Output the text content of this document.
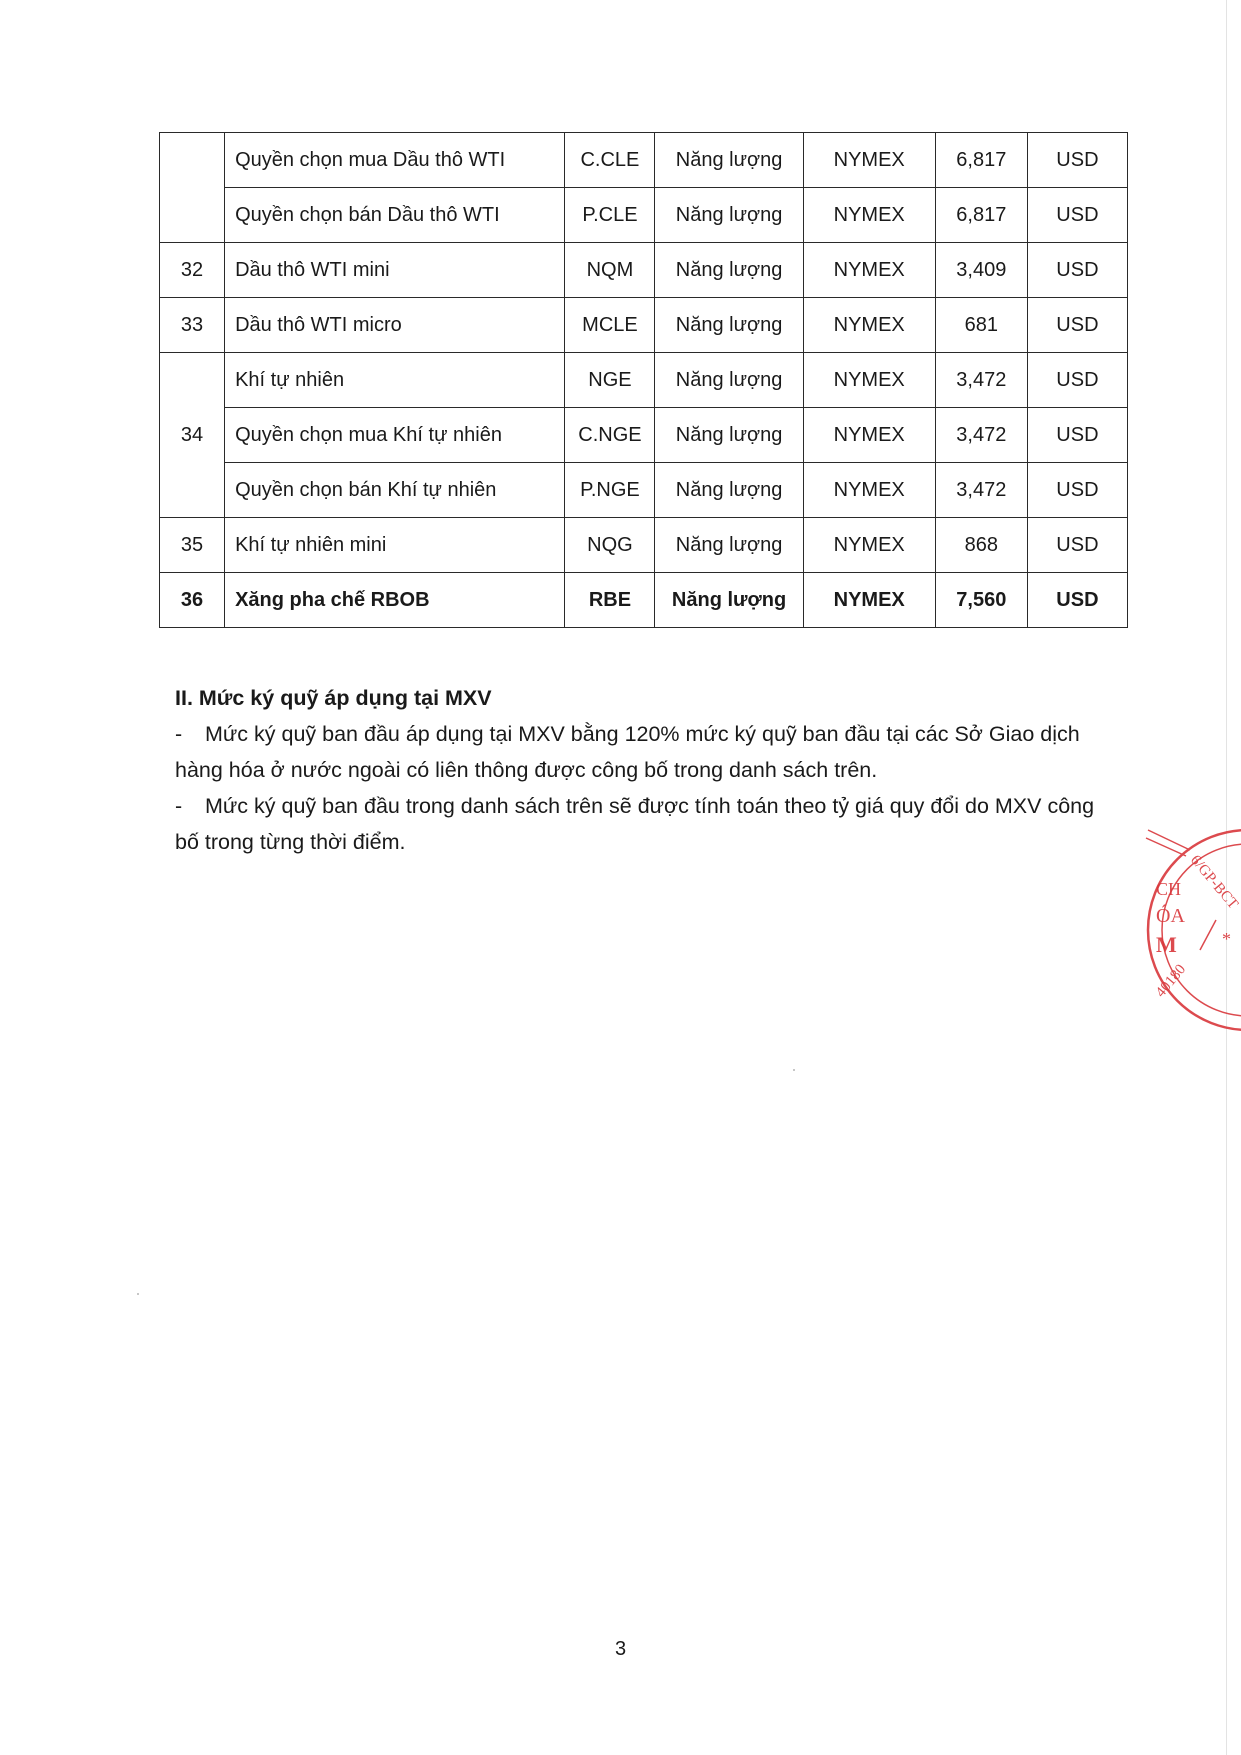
	Quyền chọn mua Dầu thô WTI	C.CLE	Năng lượng	NYMEX	6,817	USD
	Quyền chọn bán Dầu thô WTI	P.CLE	Năng lượng	NYMEX	6,817	USD
32	Dầu thô WTI mini	NQM	Năng lượng	NYMEX	3,409	USD
33	Dầu thô WTI micro	MCLE	Năng lượng	NYMEX	681	USD
34	Khí tự nhiên	NGE	Năng lượng	NYMEX	3,472	USD
	Quyền chọn mua Khí tự nhiên	C.NGE	Năng lượng	NYMEX	3,472	USD
	Quyền chọn bán Khí tự nhiên	P.NGE	Năng lượng	NYMEX	3,472	USD
35	Khí tự nhiên mini	NQG	Năng lượng	NYMEX	868	USD
36	Xăng pha chế RBOB	RBE	Năng lượng	NYMEX	7,560	USD
II. Mức ký quỹ áp dụng tại MXV

- Mức ký quỹ ban đầu áp dụng tại MXV bằng 120% mức ký quỹ ban đầu tại các Sở Giao dịch hàng hóa ở nước ngoài có liên thông được công bố trong danh sách trên.

- Mức ký quỹ ban đầu trong danh sách trên sẽ được tính toán theo tỷ giá quy đổi do MXV công bố trong từng thời điểm.

CH
ÓA
M	*
6/GP-BCT
40180
3
